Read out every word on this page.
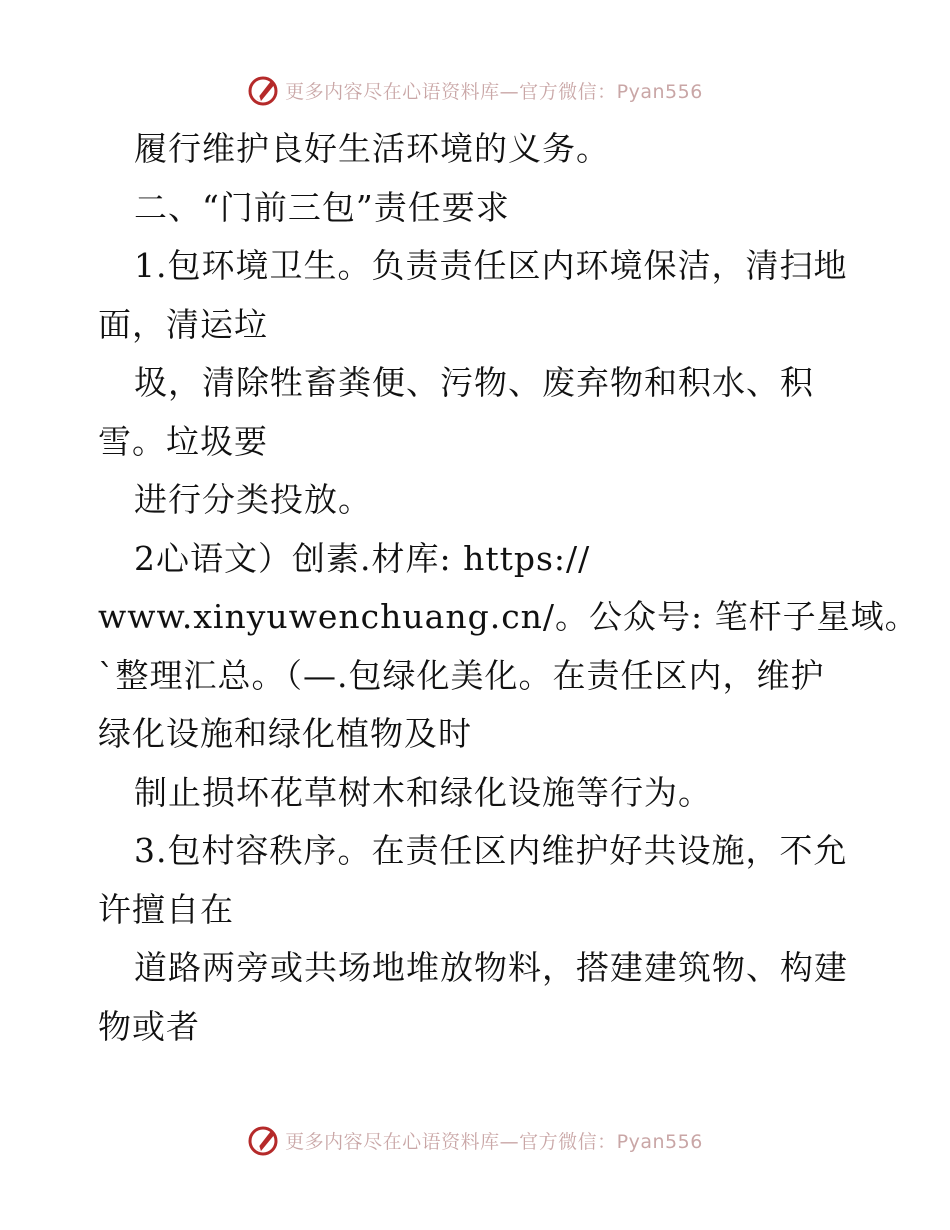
更多内容尽在心语资料库—官方微信：Pyan556
履行维护良好生活环境的义务。
二、“门前三包”责任要求
1.包环境卫生。负责责任区内环境保洁，清扫地
面，清运垃
圾，清除牲畜粪便、污物、废弃物和积水、积
雪。垃圾要
进行分类投放。
2心语文）创素.材库: https://
www.xinyuwenchuang.cn/。公众号: 笔杆子星域。
`整理汇总。（—.包绿化美化。在责任区内，维护
绿化设施和绿化植物及时
制止损坏花草树木和绿化设施等行为。
3.包村容秩序。在责任区内维护好共设施，不允
许擅自在
道路两旁或共场地堆放物料，搭建建筑物、构建
物或者
更多内容尽在心语资料库—官方微信：Pyan556
